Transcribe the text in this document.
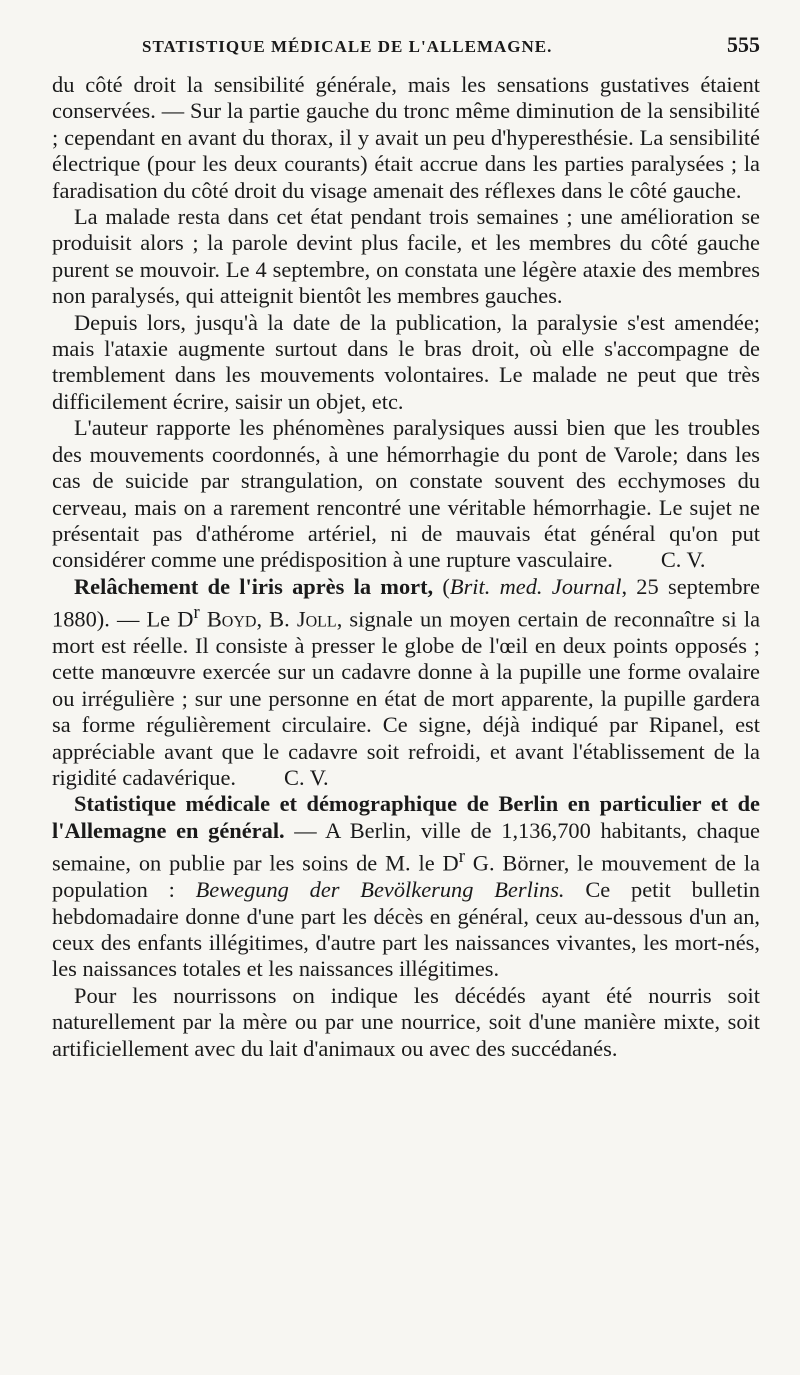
STATISTIQUE MÉDICALE DE L'ALLEMAGNE.	555

du côté droit la sensibilité générale, mais les sensations gustatives étaient conservées. — Sur la partie gauche du tronc même diminution de la sensibilité ; cependant en avant du thorax, il y avait un peu d'hyperesthésie. La sensibilité électrique (pour les deux courants) était accrue dans les parties paralysées ; la faradisation du côté droit du visage amenait des réflexes dans le côté gauche.

La malade resta dans cet état pendant trois semaines ; une amélioration se produisit alors ; la parole devint plus facile, et les membres du côté gauche purent se mouvoir. Le 4 septembre, on constata une légère ataxie des membres non paralysés, qui atteignit bientôt les membres gauches.

Depuis lors, jusqu'à la date de la publication, la paralysie s'est amendée; mais l'ataxie augmente surtout dans le bras droit, où elle s'accompagne de tremblement dans les mouvements volontaires. Le malade ne peut que très difficilement écrire, saisir un objet, etc.

L'auteur rapporte les phénomènes paralysiques aussi bien que les troubles des mouvements coordonnés, à une hémorrhagie du pont de Varole; dans les cas de suicide par strangulation, on constate souvent des ecchymoses du cerveau, mais on a rarement rencontré une véritable hémorrhagie. Le sujet ne présentait pas d'athérome artériel, ni de mauvais état général qu'on put considérer comme une prédisposition à une rupture vasculaire. C. V.

Relâchement de l'iris après la mort, (Brit. med. Journal, 25 septembre 1880). — Le $D^r$ Boyd, B. Joll, signale un moyen certain de reconnaître si la mort est réelle. Il consiste à presser le globe de l'œil en deux points opposés ; cette manœuvre exercée sur un cadavre donne à la pupille une forme ovalaire ou irrégulière ; sur une personne en état de mort apparente, la pupille gardera sa forme régulièrement circulaire. Ce signe, déjà indiqué par Ripanel, est appréciable avant que le cadavre soit refroidi, et avant l'établissement de la rigidité cadavérique. C. V.

Statistique médicale et démographique de Berlin en particulier et de l'Allemagne en général. — A Berlin, ville de 1,136,700 habitants, chaque semaine, on publie par les soins de M. le $D^r$ G. Börner, le mouvement de la population : Bewegung der Bevölkerung Berlins. Ce petit bulletin hebdomadaire donne d'une part les décès en général, ceux au-dessous d'un an, ceux des enfants illégitimes, d'autre part les naissances vivantes, les mort-nés, les naissances totales et les naissances illégitimes.

Pour les nourrissons on indique les décédés ayant été nourris soit naturellement par la mère ou par une nourrice, soit d'une manière mixte, soit artificiellement avec du lait d'animaux ou avec des succédanés.
